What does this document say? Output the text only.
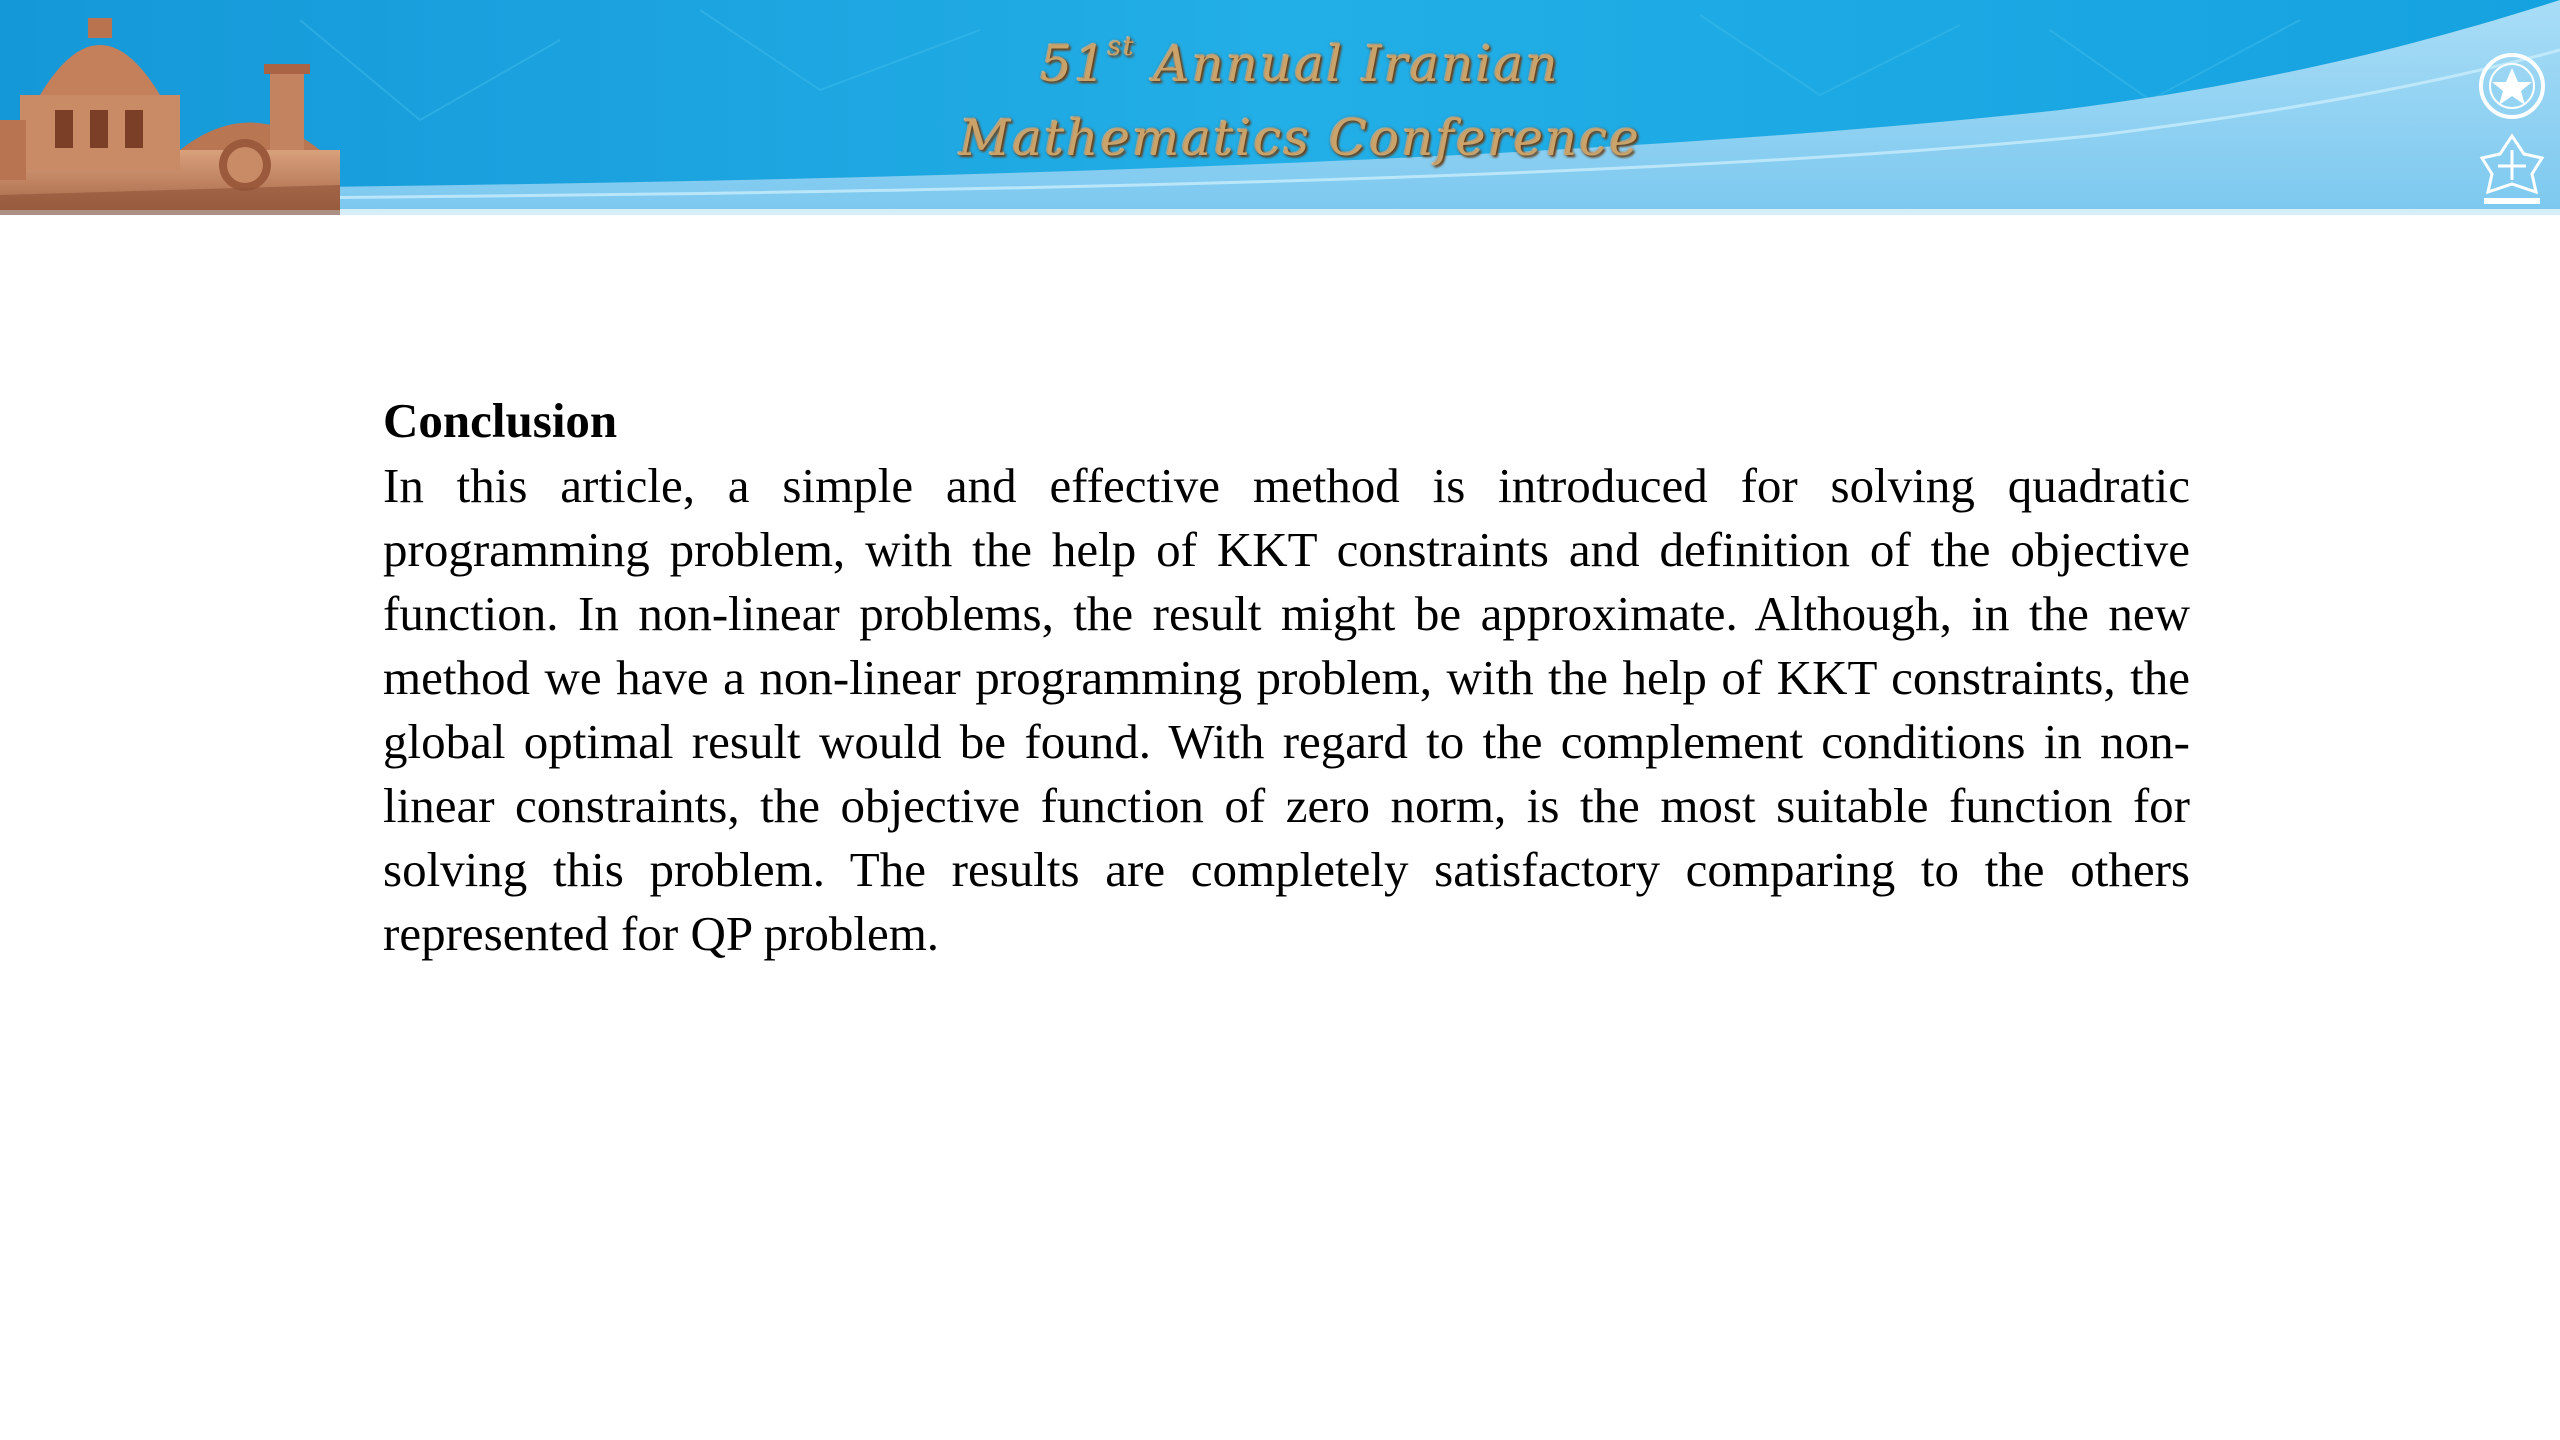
51st Annual Iranian
Mathematics Conference
Conclusion

In this article, a simple and effective method is introduced for solving quadratic programming problem, with the help of KKT constraints and definition of the objective function. In non-linear problems, the result might be approximate. Although, in the new method we have a non-linear programming problem, with the help of KKT constraints, the global optimal result would be found. With regard to the complement conditions in non-linear constraints, the objective function of zero norm, is the most suitable function for solving this problem. The results are completely satisfactory comparing to the others represented for QP problem.
